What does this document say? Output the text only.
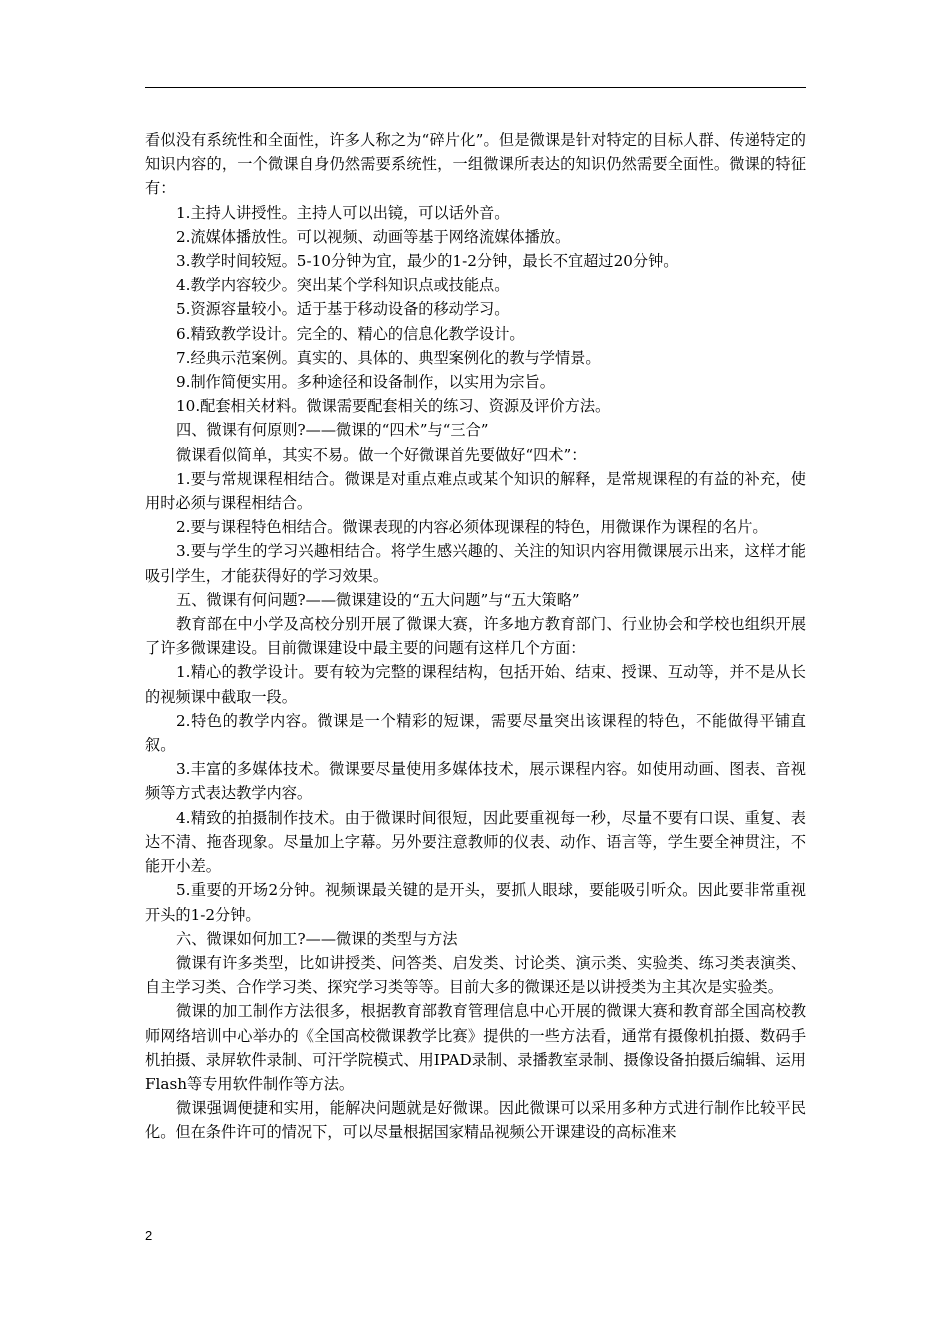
看似没有系统性和全面性，许多人称之为“碎片化”。但是微课是针对特定的目标人群、传递特定的知识内容的，一个微课自身仍然需要系统性，一组微课所表达的知识仍然需要全面性。微课的特征有：

1.主持人讲授性。主持人可以出镜，可以话外音。

2.流媒体播放性。可以视频、动画等基于网络流媒体播放。

3.教学时间较短。5-10分钟为宜，最少的1-2分钟，最长不宜超过20分钟。

4.教学内容较少。突出某个学科知识点或技能点。

5.资源容量较小。适于基于移动设备的移动学习。

6.精致教学设计。完全的、精心的信息化教学设计。

7.经典示范案例。真实的、具体的、典型案例化的教与学情景。

9.制作简便实用。多种途径和设备制作，以实用为宗旨。

10.配套相关材料。微课需要配套相关的练习、资源及评价方法。

四、微课有何原则?——微课的“四术”与“三合”

微课看似简单，其实不易。做一个好微课首先要做好“四术”：

1.要与常规课程相结合。微课是对重点难点或某个知识的解释，是常规课程的有益的补充，使用时必须与课程相结合。

2.要与课程特色相结合。微课表现的内容必须体现课程的特色，用微课作为课程的名片。

3.要与学生的学习兴趣相结合。将学生感兴趣的、关注的知识内容用微课展示出来，这样才能吸引学生，才能获得好的学习效果。

五、微课有何问题?——微课建设的“五大问题”与“五大策略”

教育部在中小学及高校分别开展了微课大赛，许多地方教育部门、行业协会和学校也组织开展了许多微课建设。目前微课建设中最主要的问题有这样几个方面：

1.精心的教学设计。要有较为完整的课程结构，包括开始、结束、授课、互动等，并不是从长的视频课中截取一段。

2.特色的教学内容。微课是一个精彩的短课，需要尽量突出该课程的特色，不能做得平铺直叙。

3.丰富的多媒体技术。微课要尽量使用多媒体技术，展示课程内容。如使用动画、图表、音视频等方式表达教学内容。

4.精致的拍摄制作技术。由于微课时间很短，因此要重视每一秒，尽量不要有口误、重复、表达不清、拖沓现象。尽量加上字幕。另外要注意教师的仪表、动作、语言等，学生要全神贯注，不能开小差。

5.重要的开场2分钟。视频课最关键的是开头，要抓人眼球，要能吸引听众。因此要非常重视开头的1-2分钟。

六、微课如何加工?——微课的类型与方法

微课有许多类型，比如讲授类、问答类、启发类、讨论类、演示类、实验类、练习类表演类、自主学习类、合作学习类、探究学习类等等。目前大多的微课还是以讲授类为主其次是实验类。

微课的加工制作方法很多，根据教育部教育管理信息中心开展的微课大赛和教育部全国高校教师网络培训中心举办的《全国高校微课教学比赛》提供的一些方法看，通常有摄像机拍摄、数码手机拍摄、录屏软件录制、可汗学院模式、用IPAD录制、录播教室录制、摄像设备拍摄后编辑、运用Flash等专用软件制作等方法。

微课强调便捷和实用，能解决问题就是好微课。因此微课可以采用多种方式进行制作比较平民化。但在条件许可的情况下，可以尽量根据国家精品视频公开课建设的高标准来

2
